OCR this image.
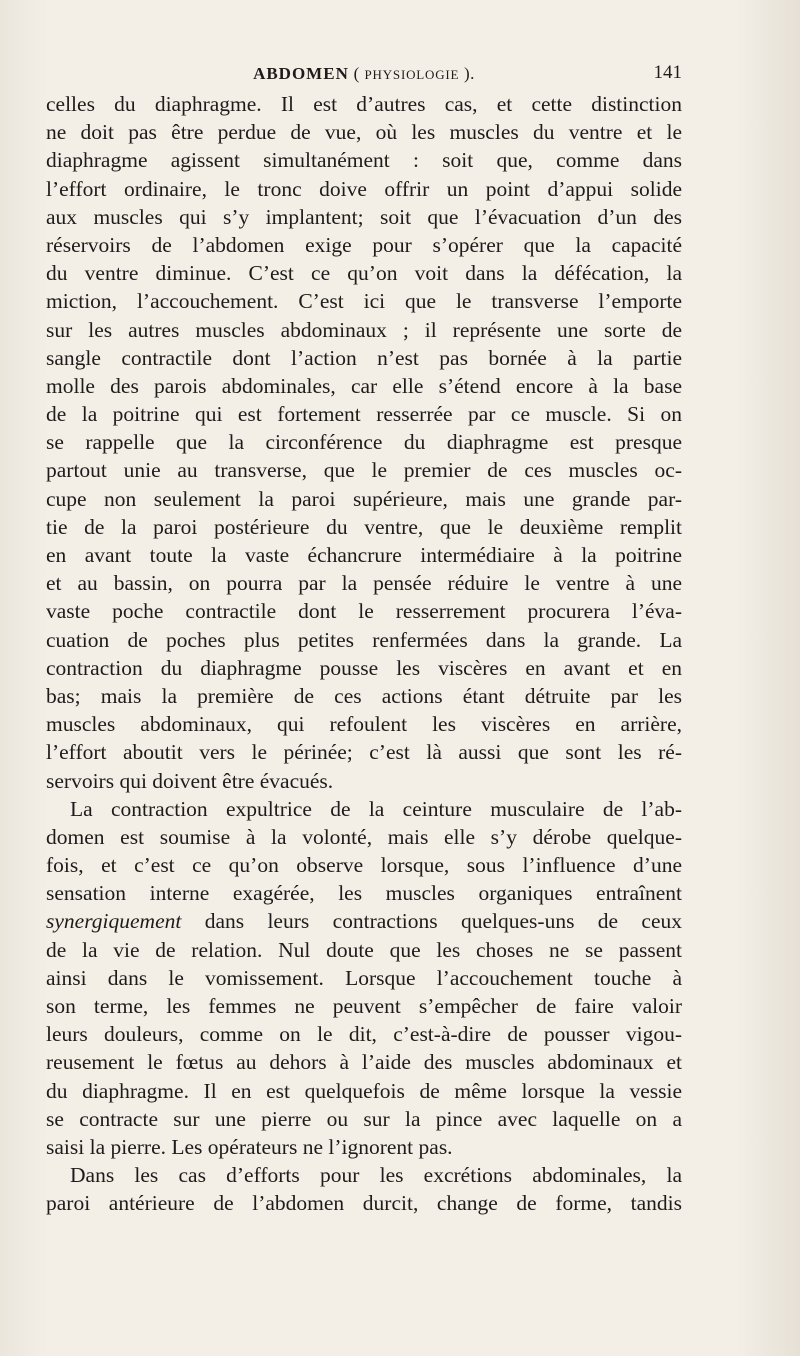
ABDOMEN ( PHYSIOLOGIE ).	141
celles du diaphragme. Il est d’autres cas, et cette distinction
ne doit pas être perdue de vue, où les muscles du ventre et le
diaphragme agissent simultanément : soit que, comme dans
l’effort ordinaire, le tronc doive offrir un point d’appui solide
aux muscles qui s’y implantent; soit que l’évacuation d’un des
réservoirs de l’abdomen exige pour s’opérer que la capacité
du ventre diminue. C’est ce qu’on voit dans la défécation, la
miction, l’accouchement. C’est ici que le transverse l’emporte
sur les autres muscles abdominaux ; il représente une sorte de
sangle contractile dont l’action n’est pas bornée à la partie
molle des parois abdominales, car elle s’étend encore à la base
de la poitrine qui est fortement resserrée par ce muscle. Si on
se rappelle que la circonférence du diaphragme est presque
partout unie au transverse, que le premier de ces muscles oc-
cupe non seulement la paroi supérieure, mais une grande par-
tie de la paroi postérieure du ventre, que le deuxième remplit
en avant toute la vaste échancrure intermédiaire à la poitrine
et au bassin, on pourra par la pensée réduire le ventre à une
vaste poche contractile dont le resserrement procurera l’éva-
cuation de poches plus petites renfermées dans la grande. La
contraction du diaphragme pousse les viscères en avant et en
bas; mais la première de ces actions étant détruite par les
muscles abdominaux, qui refoulent les viscères en arrière,
l’effort aboutit vers le périnée; c’est là aussi que sont les ré-
servoirs qui doivent être évacués.
La contraction expultrice de la ceinture musculaire de l’ab-
domen est soumise à la volonté, mais elle s’y dérobe quelque-
fois, et c’est ce qu’on observe lorsque, sous l’influence d’une
sensation interne exagérée, les muscles organiques entraînent
synergiquement dans leurs contractions quelques-uns de ceux
de la vie de relation. Nul doute que les choses ne se passent
ainsi dans le vomissement. Lorsque l’accouchement touche à
son terme, les femmes ne peuvent s’empêcher de faire valoir
leurs douleurs, comme on le dit, c’est-à-dire de pousser vigou-
reusement le fœtus au dehors à l’aide des muscles abdominaux et
du diaphragme. Il en est quelquefois de même lorsque la vessie
se contracte sur une pierre ou sur la pince avec laquelle on a
saisi la pierre. Les opérateurs ne l’ignorent pas.
Dans les cas d’efforts pour les excrétions abdominales, la
paroi antérieure de l’abdomen durcit, change de forme, tandis
